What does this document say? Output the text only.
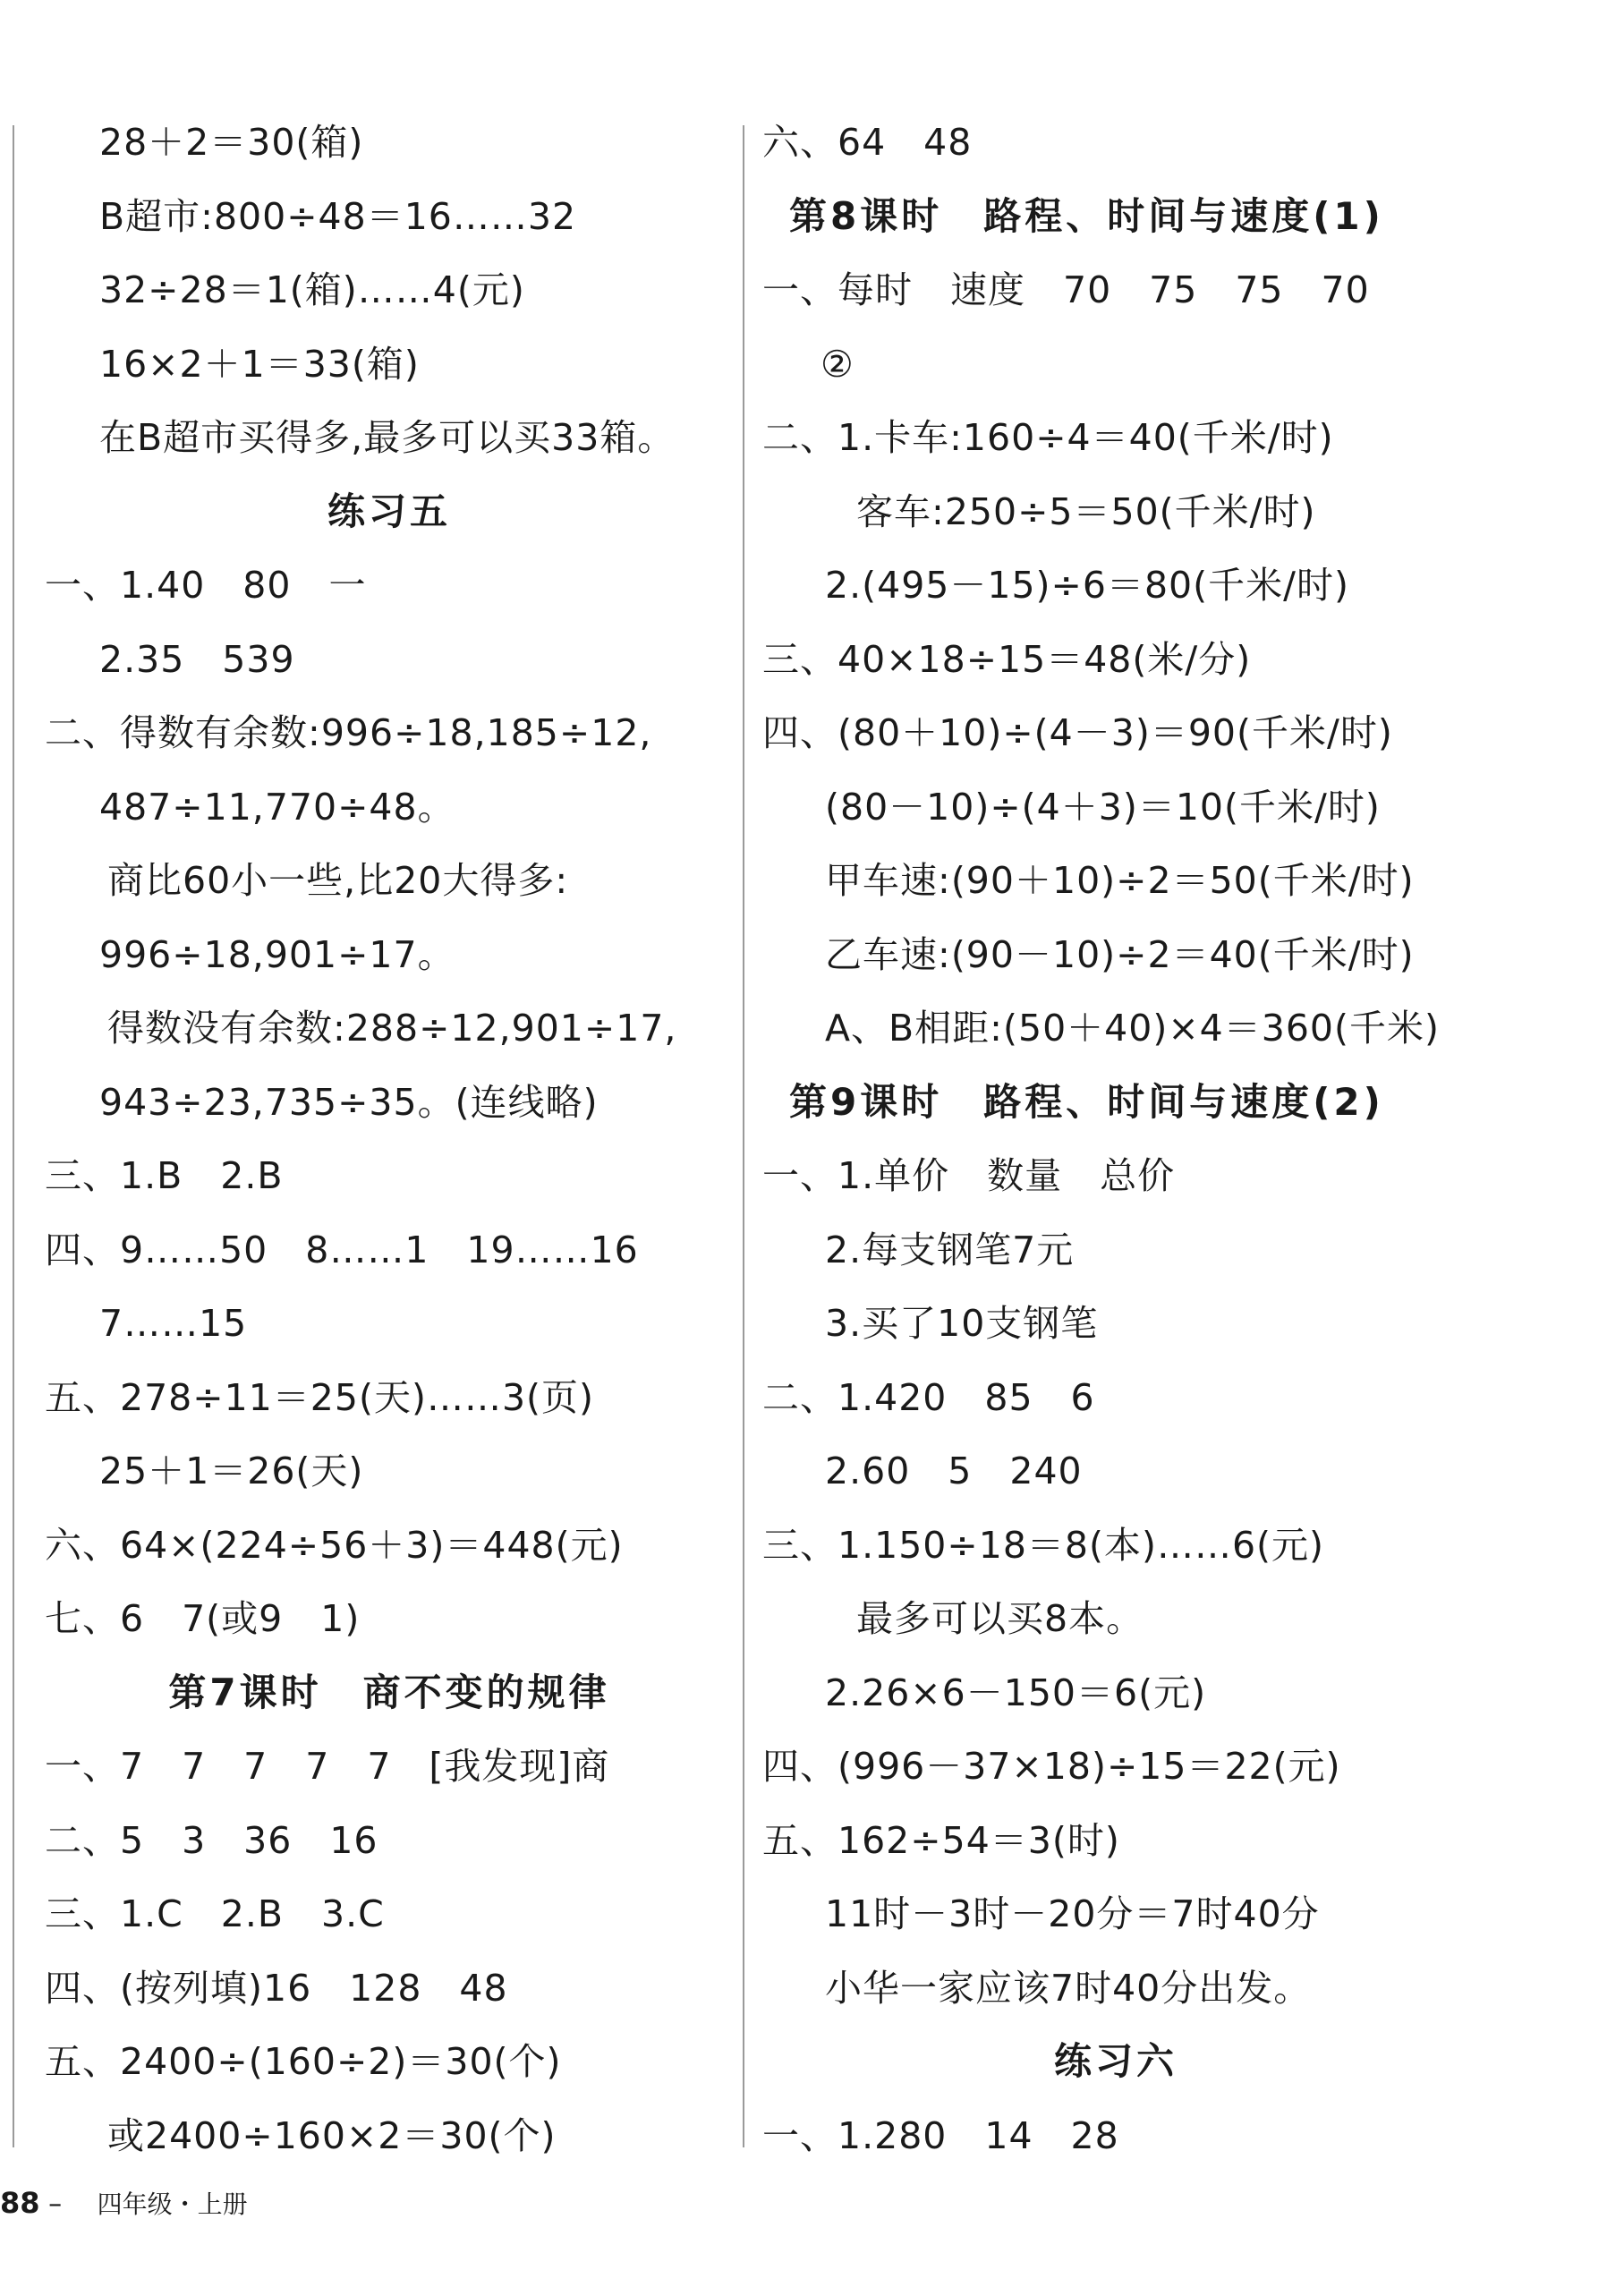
28＋2＝30(箱)
B超市:800÷48＝16……32
32÷28＝1(箱)……4(元)
16×2＋1＝33(箱)
在B超市买得多,最多可以买33箱。
练习五
一、1.40　80　一
2.35　539
二、得数有余数:996÷18,185÷12,
487÷11,770÷48。
商比60小一些,比20大得多:
996÷18,901÷17。
得数没有余数:288÷12,901÷17,
943÷23,735÷35。(连线略)
三、1.B　2.B
四、9……50　8……1　19……16
7……15
五、278÷11＝25(天)……3(页)
25＋1＝26(天)
六、64×(224÷56＋3)＝448(元)
七、6　7(或9　1)
第7课时　商不变的规律
一、7　7　7　7　7　[我发现]商
二、5　3　36　16
三、1.C　2.B　3.C
四、(按列填)16　128　48
五、2400÷(160÷2)＝30(个)
或2400÷160×2＝30(个)
六、64　48
第8课时　路程、时间与速度(1)
一、每时　速度　70　75　75　70
②
二、1.卡车:160÷4＝40(千米/时)
客车:250÷5＝50(千米/时)
2.(495－15)÷6＝80(千米/时)
三、40×18÷15＝48(米/分)
四、(80＋10)÷(4－3)＝90(千米/时)
(80－10)÷(4＋3)＝10(千米/时)
甲车速:(90＋10)÷2＝50(千米/时)
乙车速:(90－10)÷2＝40(千米/时)
A、B相距:(50＋40)×4＝360(千米)
第9课时　路程、时间与速度(2)
一、1.单价　数量　总价
2.每支钢笔7元
3.买了10支钢笔
二、1.420　85　6
2.60　5　240
三、1.150÷18＝8(本)……6(元)
最多可以买8本。
2.26×6－150＝6(元)
四、(996－37×18)÷15＝22(元)
五、162÷54＝3(时)
11时－3时－20分＝7时40分
小华一家应该7时40分出发。
练习六
一、1.280　14　28
88 – 四年级・上册
